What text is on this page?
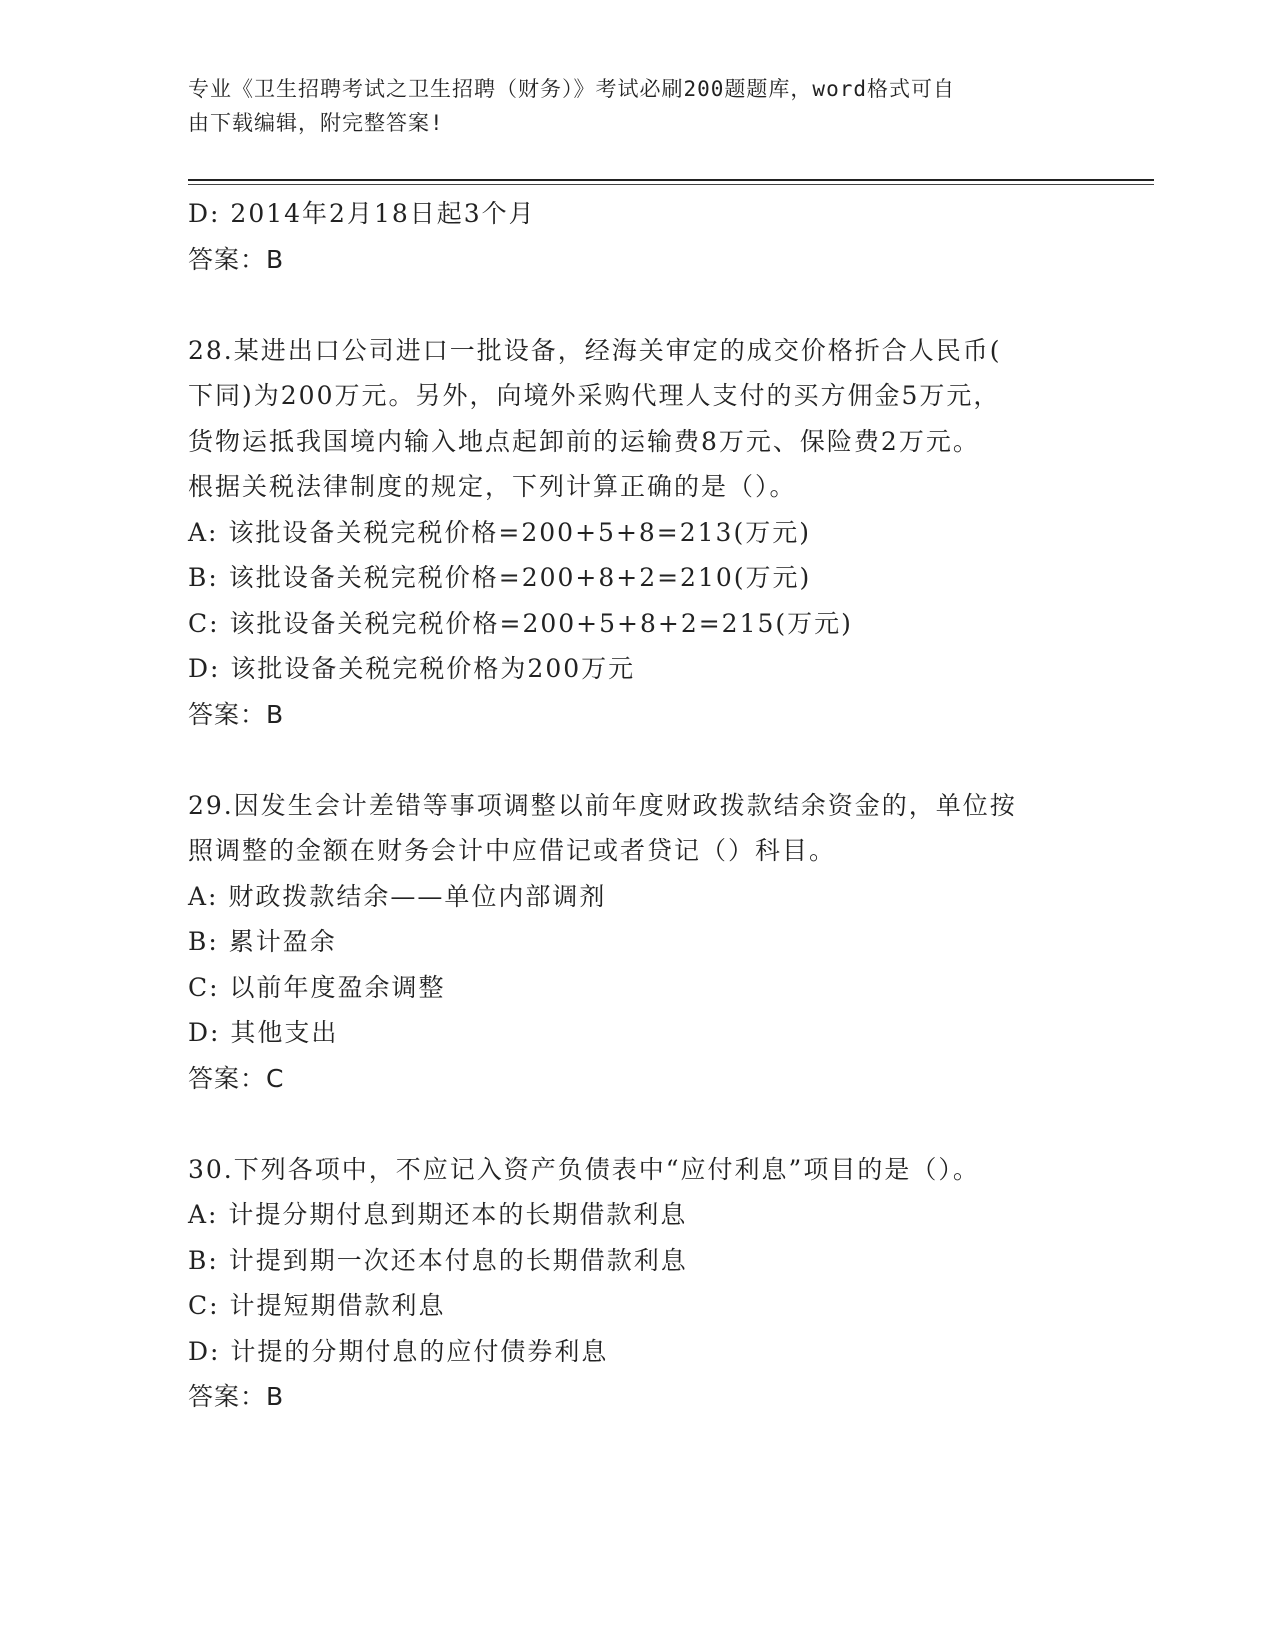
专业《卫生招聘考试之卫生招聘（财务）》考试必刷200题题库，word格式可自
由下载编辑，附完整答案!
D: 2014年2月18日起3个月
答案：B
28.某进出口公司进口一批设备，经海关审定的成交价格折合人民币(
下同)为200万元。另外，向境外采购代理人支付的买方佣金5万元，
货物运抵我国境内输入地点起卸前的运输费8万元、保险费2万元。
根据关税法律制度的规定，下列计算正确的是（）。
A: 该批设备关税完税价格=200+5+8=213(万元)
B: 该批设备关税完税价格=200+8+2=210(万元)
C: 该批设备关税完税价格=200+5+8+2=215(万元)
D: 该批设备关税完税价格为200万元
答案：B
29.因发生会计差错等事项调整以前年度财政拨款结余资金的，单位按
照调整的金额在财务会计中应借记或者贷记（）科目。
A: 财政拨款结余——单位内部调剂
B: 累计盈余
C: 以前年度盈余调整
D: 其他支出
答案：C
30.下列各项中，不应记入资产负债表中“应付利息”项目的是（）。
A: 计提分期付息到期还本的长期借款利息
B: 计提到期一次还本付息的长期借款利息
C: 计提短期借款利息
D: 计提的分期付息的应付债券利息
答案：B
